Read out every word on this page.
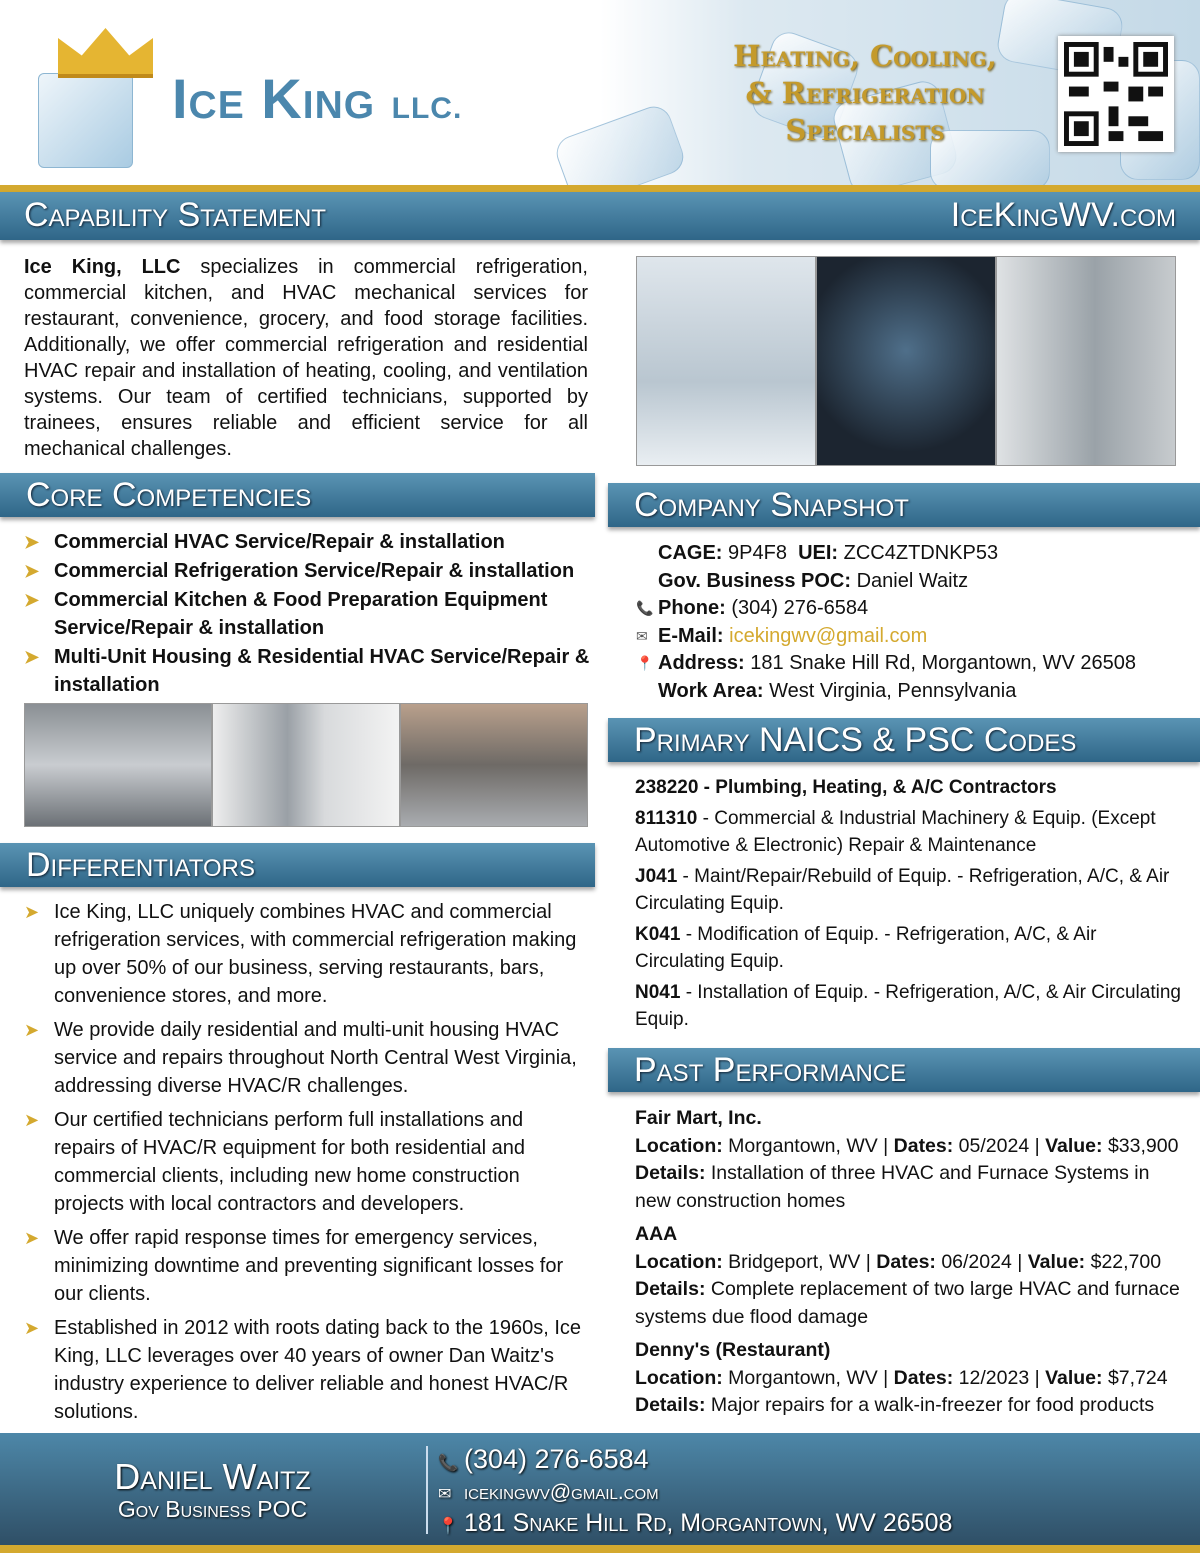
Ice King LLC.
Heating, Cooling,
& Refrigeration
Specialists
Capability Statement	IceKingWV.com

Ice King, LLC specializes in commercial refrigeration, commercial kitchen, and HVAC mechanical services for restaurant, convenience, grocery, and food storage facilities. Additionally, we offer commercial refrigeration and residential HVAC repair and installation of heating, cooling, and ventilation systems. Our team of certified technicians, supported by trainees, ensures reliable and efficient service for all mechanical challenges.

Core Competencies
➤ Commercial HVAC Service/Repair & installation
➤ Commercial Refrigeration Service/Repair & installation
➤ Commercial Kitchen & Food Preparation Equipment Service/Repair & installation
➤ Multi-Unit Housing & Residential HVAC Service/Repair & installation
Differentiators
➤ Ice King, LLC uniquely combines HVAC and commercial refrigeration services, with commercial refrigeration making up over 50% of our business, serving restaurants, bars, convenience stores, and more.
➤ We provide daily residential and multi-unit housing HVAC service and repairs throughout North Central West Virginia, addressing diverse HVAC/R challenges.
➤ Our certified technicians perform full installations and repairs of HVAC/R equipment for both residential and commercial clients, including new home construction projects with local contractors and developers.
➤ We offer rapid response times for emergency services, minimizing downtime and preventing significant losses for our clients.
➤ Established in 2012 with roots dating back to the 1960s, Ice King, LLC leverages over 40 years of owner Dan Waitz's industry experience to deliver reliable and honest HVAC/R solutions.
Company Snapshot
CAGE: 9P4F8 UEI: ZCC4ZTDNKP53
Gov. Business POC: Daniel Waitz
📞 Phone: (304) 276-6584
✉ E-Mail: icekingwv@gmail.com
📍 Address: 181 Snake Hill Rd, Morgantown, WV 26508
Work Area: West Virginia, Pennsylvania
Primary NAICS & PSC Codes
238220 - Plumbing, Heating, & A/C Contractors
811310 - Commercial & Industrial Machinery & Equip. (Except Automotive & Electronic) Repair & Maintenance
J041 - Maint/Repair/Rebuild of Equip. - Refrigeration, A/C, & Air Circulating Equip.
K041 - Modification of Equip. - Refrigeration, A/C, & Air Circulating Equip.
N041 - Installation of Equip. - Refrigeration, A/C, & Air Circulating Equip.
Past Performance
Fair Mart, Inc.
Location: Morgantown, WV | Dates: 05/2024 | Value: $33,900
Details: Installation of three HVAC and Furnace Systems in new construction homes
AAA
Location: Bridgeport, WV | Dates: 06/2024 | Value: $22,700
Details: Complete replacement of two large HVAC and furnace systems due flood damage
Denny's (Restaurant)
Location: Morgantown, WV | Dates: 12/2023 | Value: $7,724
Details: Major repairs for a walk-in-freezer for food products
Daniel Waitz
Gov Business POC
📞 (304) 276-6584
✉ icekingwv@gmail.com
📍 181 Snake Hill Rd, Morgantown, WV 26508
